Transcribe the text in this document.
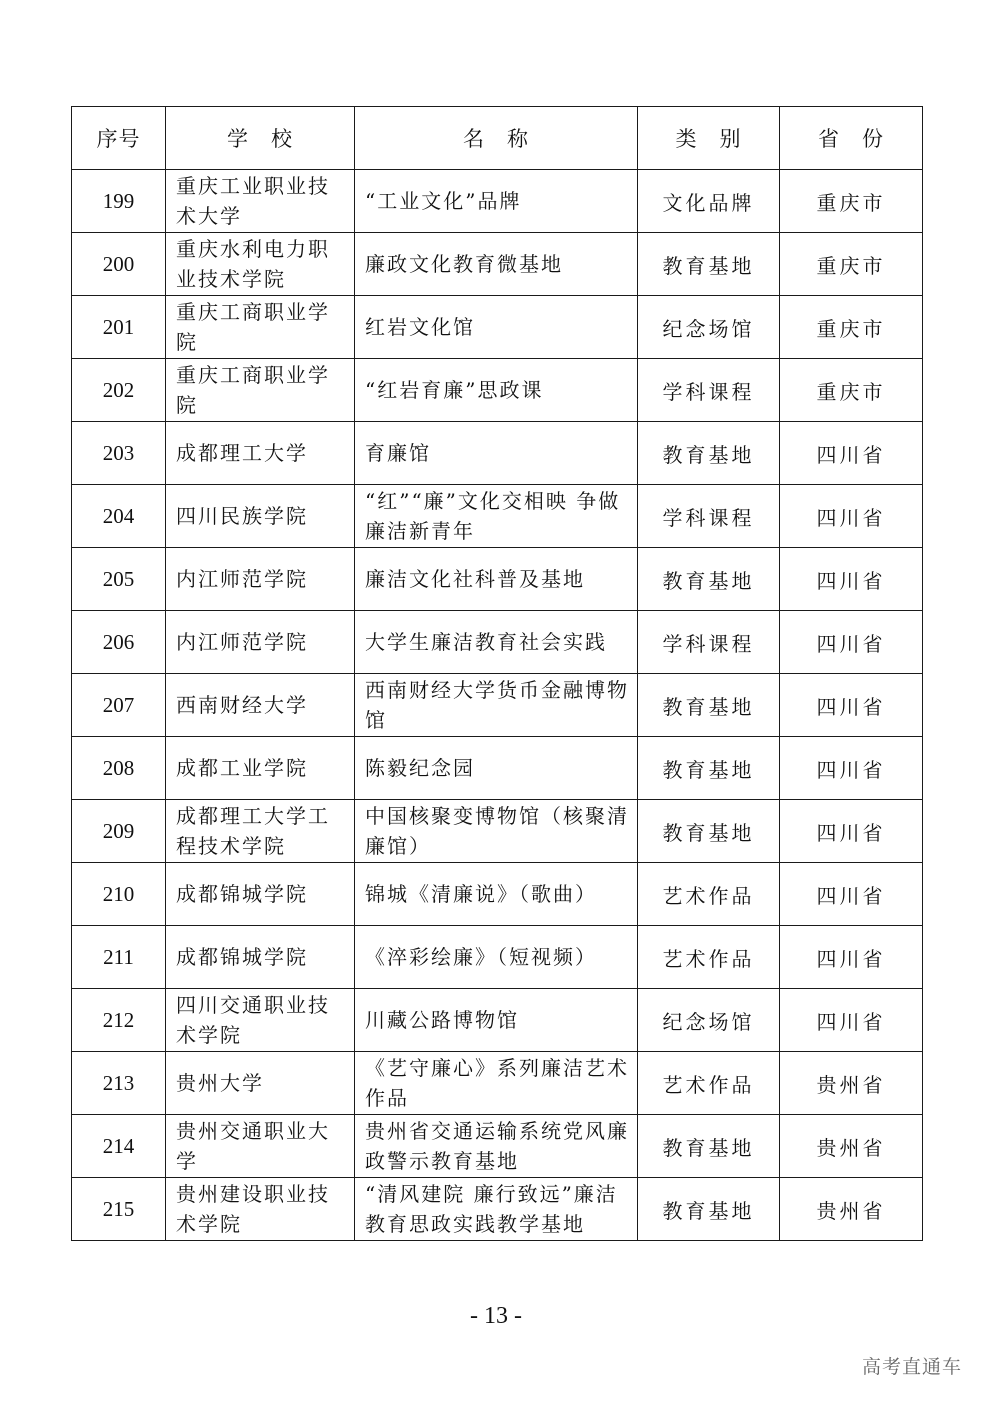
序号	学　校	名　称	类　别	省　份
199	重庆工业职业技术大学	“工业文化”品牌	文化品牌	重庆市
200	重庆水利电力职业技术学院	廉政文化教育微基地	教育基地	重庆市
201	重庆工商职业学院	红岩文化馆	纪念场馆	重庆市
202	重庆工商职业学院	“红岩育廉”思政课	学科课程	重庆市
203	成都理工大学	育廉馆	教育基地	四川省
204	四川民族学院	“红”“廉”文化交相映 争做廉洁新青年	学科课程	四川省
205	内江师范学院	廉洁文化社科普及基地	教育基地	四川省
206	内江师范学院	大学生廉洁教育社会实践	学科课程	四川省
207	西南财经大学	西南财经大学货币金融博物馆	教育基地	四川省
208	成都工业学院	陈毅纪念园	教育基地	四川省
209	成都理工大学工程技术学院	中国核聚变博物馆（核聚清廉馆）	教育基地	四川省
210	成都锦城学院	锦城《清廉说》（歌曲）	艺术作品	四川省
211	成都锦城学院	《淬彩绘廉》（短视频）	艺术作品	四川省
212	四川交通职业技术学院	川藏公路博物馆	纪念场馆	四川省
213	贵州大学	《艺守廉心》系列廉洁艺术作品	艺术作品	贵州省
214	贵州交通职业大学	贵州省交通运输系统党风廉政警示教育基地	教育基地	贵州省
215	贵州建设职业技术学院	“清风建院 廉行致远”廉洁教育思政实践教学基地	教育基地	贵州省
- 13 -
高考直通车
